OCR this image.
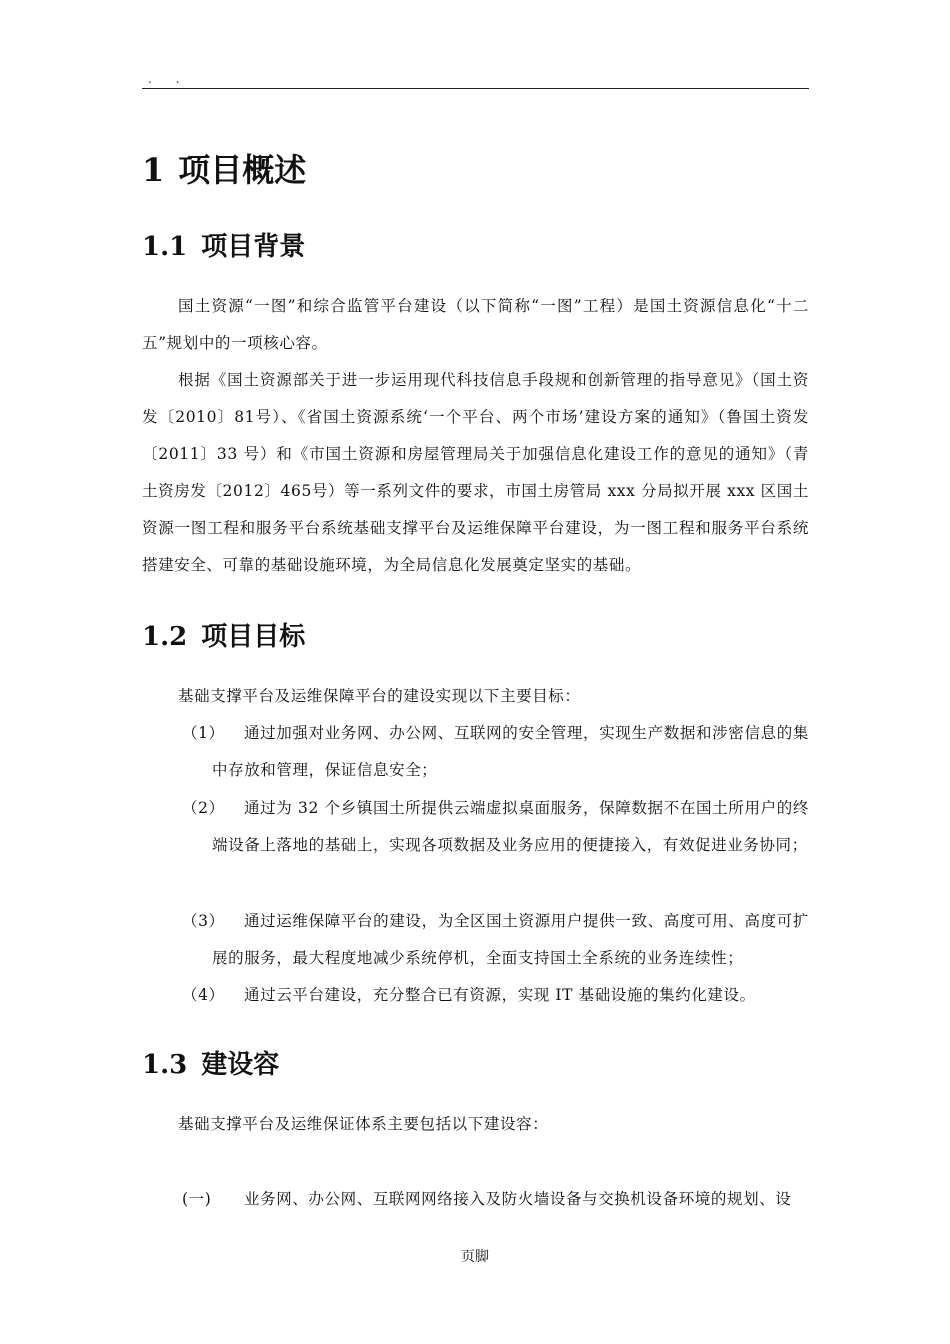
. .
1 项目概述
1.1 项目背景

国土资源“一图”和综合监管平台建设（以下简称“一图”工程）是国土资源信息化“十二五”规划中的一项核心容。

根据《国土资源部关于进一步运用现代科技信息手段规和创新管理的指导意见》（国土资发〔2010〕81号）、《省国土资源系统‘一个平台、两个市场’建设方案的通知》（鲁国土资发〔2011〕33 号）和《市国土资源和房屋管理局关于加强信息化建设工作的意见的通知》（青土资房发〔2012〕465号）等一系列文件的要求，市国土房管局 xxx 分局拟开展 xxx 区国土资源一图工程和服务平台系统基础支撑平台及运维保障平台建设，为一图工程和服务平台系统搭建安全、可靠的基础设施环境，为全局信息化发展奠定坚实的基础。

1.2 项目目标
基础支撑平台及运维保障平台的建设实现以下主要目标：
（1）	通过加强对业务网、办公网、互联网的安全管理，实现生产数据和涉密信息的集中存放和管理，保证信息安全；
（2）	通过为 32 个乡镇国土所提供云端虚拟桌面服务，保障数据不在国土所用户的终端设备上落地的基础上，实现各项数据及业务应用的便捷接入，有效促进业务协同；
（3）	通过运维保障平台的建设，为全区国土资源用户提供一致、高度可用、高度可扩展的服务，最大程度地减少系统停机，全面支持国土全系统的业务连续性；
（4）	通过云平台建设，充分整合已有资源，实现 IT 基础设施的集约化建设。
1.3 建设容
基础支撑平台及运维保证体系主要包括以下建设容：
(一)	业务网、办公网、互联网网络接入及防火墙设备与交换机设备环境的规划、设
页脚
